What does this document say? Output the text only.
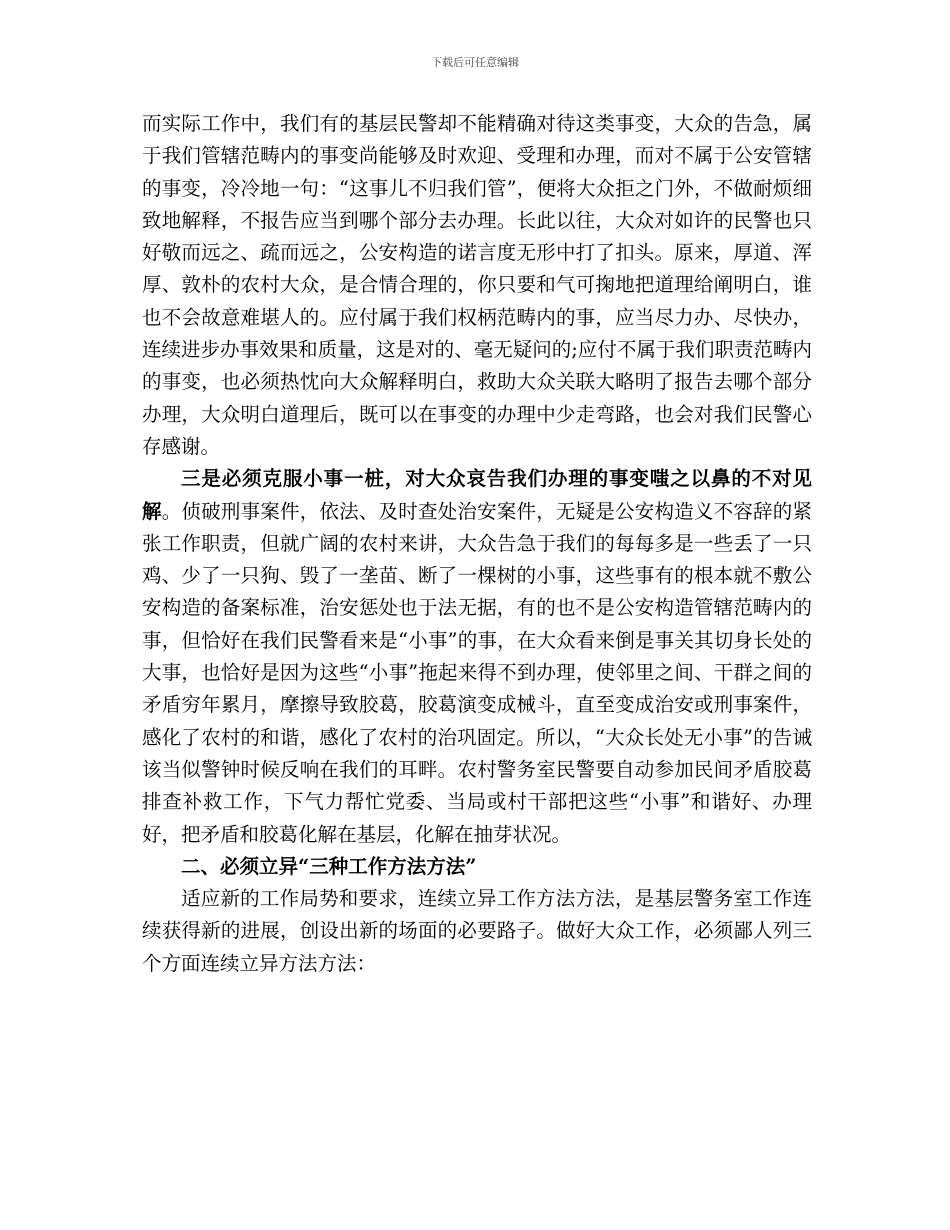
下载后可任意编辑

而实际工作中，我们有的基层民警却不能精确对待这类事变，大众的告急，属于我们管辖范畴内的事变尚能够及时欢迎、受理和办理，而对不属于公安管辖的事变，冷冷地一句：“这事儿不归我们管”，便将大众拒之门外，不做耐烦细致地解释，不报告应当到哪个部分去办理。长此以往，大众对如许的民警也只好敬而远之、疏而远之，公安构造的诺言度无形中打了扣头。原来，厚道、浑厚、敦朴的农村大众，是合情合理的，你只要和气可掬地把道理给阐明白，谁也不会故意难堪人的。应付属于我们权柄范畴内的事，应当尽力办、尽快办，连续进步办事效果和质量，这是对的、毫无疑问的;应付不属于我们职责范畴内的事变，也必须热忱向大众解释明白，救助大众关联大略明了报告去哪个部分办理，大众明白道理后，既可以在事变的办理中少走弯路，也会对我们民警心存感谢。

三是必须克服小事一桩，对大众哀告我们办理的事变嗤之以鼻的不对见解。侦破刑事案件，依法、及时查处治安案件，无疑是公安构造义不容辞的紧张工作职责，但就广阔的农村来讲，大众告急于我们的每每多是一些丢了一只鸡、少了一只狗、毁了一垄苗、断了一棵树的小事，这些事有的根本就不敷公安构造的备案标准，治安惩处也于法无据，有的也不是公安构造管辖范畴内的事，但恰好在我们民警看来是“小事”的事，在大众看来倒是事关其切身长处的大事，也恰好是因为这些“小事”拖起来得不到办理，使邻里之间、干群之间的矛盾穷年累月，摩擦导致胶葛，胶葛演变成械斗，直至变成治安或刑事案件，感化了农村的和谐，感化了农村的治巩固定。所以，“大众长处无小事”的告诫该当似警钟时候反响在我们的耳畔。农村警务室民警要自动参加民间矛盾胶葛排查补救工作，下气力帮忙党委、当局或村干部把这些“小事”和谐好、办理好，把矛盾和胶葛化解在基层，化解在抽芽状况。

二、必须立异“三种工作方法方法”

适应新的工作局势和要求，连续立异工作方法方法，是基层警务室工作连续获得新的进展，创设出新的场面的必要路子。做好大众工作，必须鄙人列三个方面连续立异方法方法：
